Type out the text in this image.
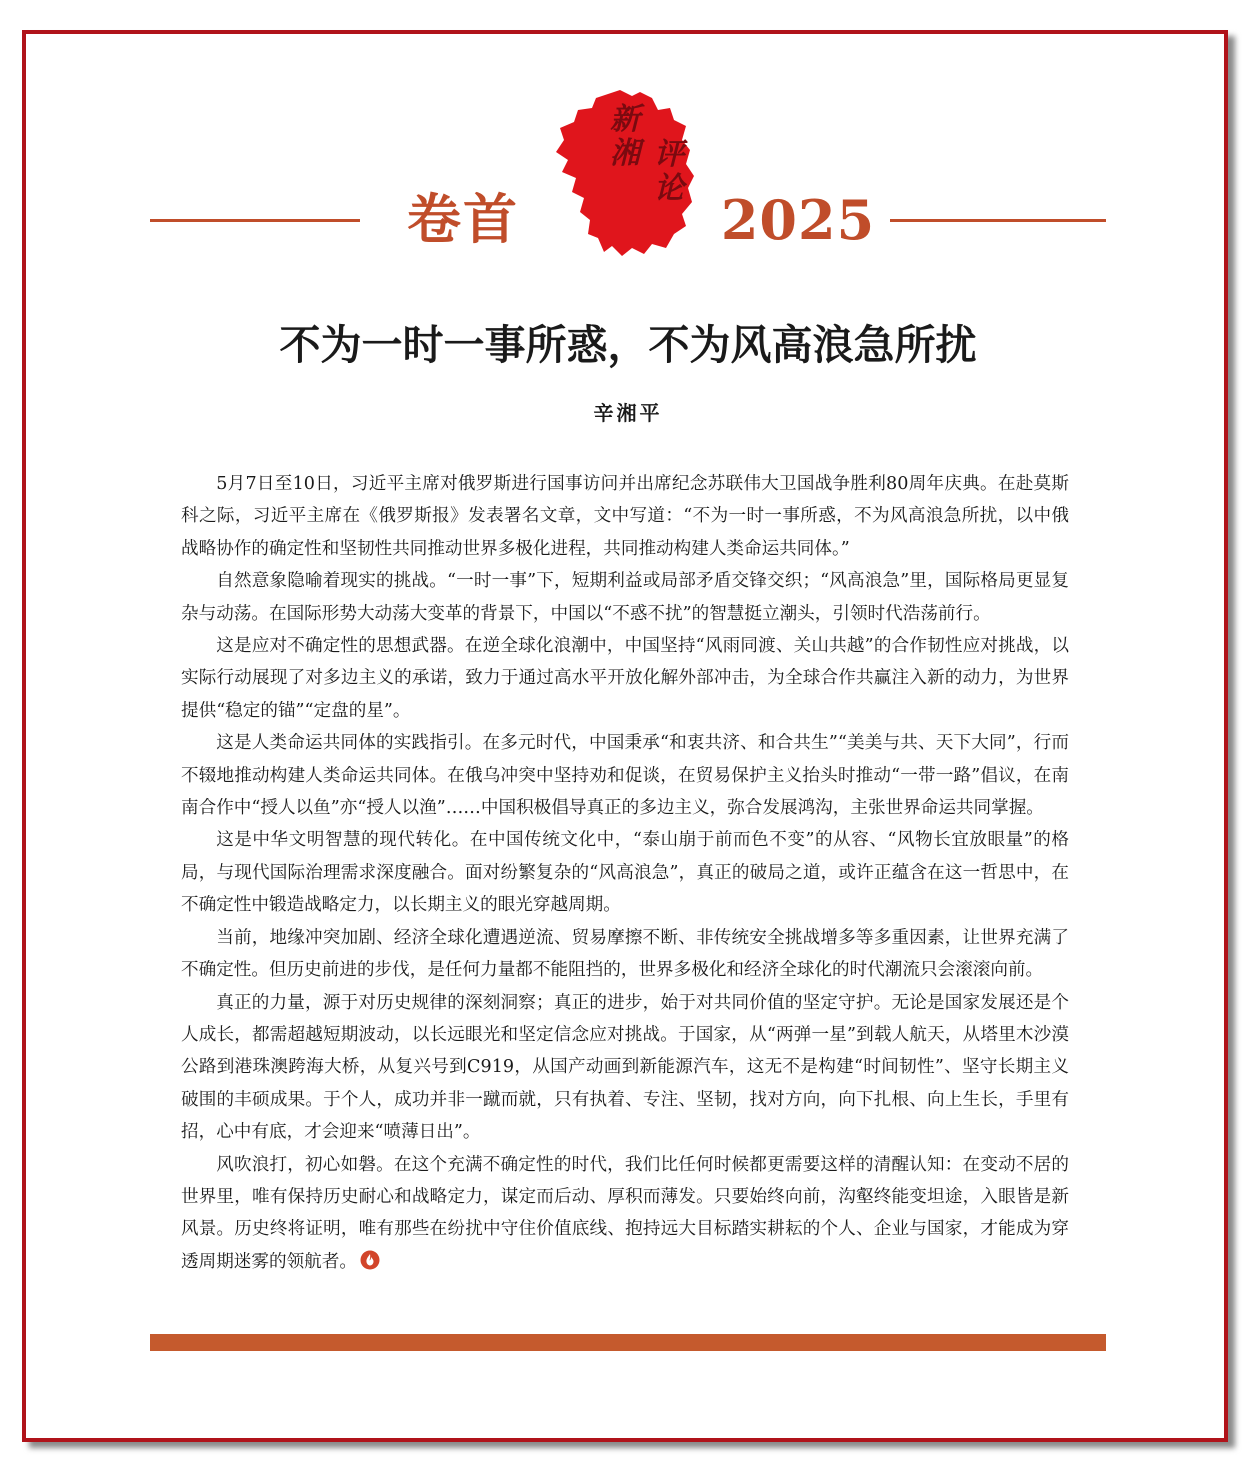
卷首
新湘 评论 2025
不为一时一事所惑，不为风高浪急所扰
辛湘平

5月7日至10日，习近平主席对俄罗斯进行国事访问并出席纪念苏联伟大卫国战争胜利80周年庆典。在赴莫斯科之际，习近平主席在《俄罗斯报》发表署名文章，文中写道：“不为一时一事所惑，不为风高浪急所扰，以中俄战略协作的确定性和坚韧性共同推动世界多极化进程，共同推动构建人类命运共同体。”

自然意象隐喻着现实的挑战。“一时一事”下，短期利益或局部矛盾交锋交织；“风高浪急”里，国际格局更显复杂与动荡。在国际形势大动荡大变革的背景下，中国以“不惑不扰”的智慧挺立潮头，引领时代浩荡前行。

这是应对不确定性的思想武器。在逆全球化浪潮中，中国坚持“风雨同渡、关山共越”的合作韧性应对挑战，以实际行动展现了对多边主义的承诺，致力于通过高水平开放化解外部冲击，为全球合作共赢注入新的动力，为世界提供“稳定的锚”“定盘的星”。

这是人类命运共同体的实践指引。在多元时代，中国秉承“和衷共济、和合共生”“美美与共、天下大同”，行而不辍地推动构建人类命运共同体。在俄乌冲突中坚持劝和促谈，在贸易保护主义抬头时推动“一带一路”倡议，在南南合作中“授人以鱼”亦“授人以渔”……中国积极倡导真正的多边主义，弥合发展鸿沟，主张世界命运共同掌握。

这是中华文明智慧的现代转化。在中国传统文化中，“泰山崩于前而色不变”的从容、“风物长宜放眼量”的格局，与现代国际治理需求深度融合。面对纷繁复杂的“风高浪急”，真正的破局之道，或许正蕴含在这一哲思中，在不确定性中锻造战略定力，以长期主义的眼光穿越周期。

当前，地缘冲突加剧、经济全球化遭遇逆流、贸易摩擦不断、非传统安全挑战增多等多重因素，让世界充满了不确定性。但历史前进的步伐，是任何力量都不能阻挡的，世界多极化和经济全球化的时代潮流只会滚滚向前。

真正的力量，源于对历史规律的深刻洞察；真正的进步，始于对共同价值的坚定守护。无论是国家发展还是个人成长，都需超越短期波动，以长远眼光和坚定信念应对挑战。于国家，从“两弹一星”到载人航天，从塔里木沙漠公路到港珠澳跨海大桥，从复兴号到C919，从国产动画到新能源汽车，这无不是构建“时间韧性”、坚守长期主义破围的丰硕成果。于个人，成功并非一蹴而就，只有执着、专注、坚韧，找对方向，向下扎根、向上生长，手里有招，心中有底，才会迎来“喷薄日出”。

风吹浪打，初心如磐。在这个充满不确定性的时代，我们比任何时候都更需要这样的清醒认知：在变动不居的世界里，唯有保持历史耐心和战略定力，谋定而后动、厚积而薄发。只要始终向前，沟壑终能变坦途，入眼皆是新风景。历史终将证明，唯有那些在纷扰中守住价值底线、抱持远大目标踏实耕耘的个人、企业与国家，才能成为穿透周期迷雾的领航者。
